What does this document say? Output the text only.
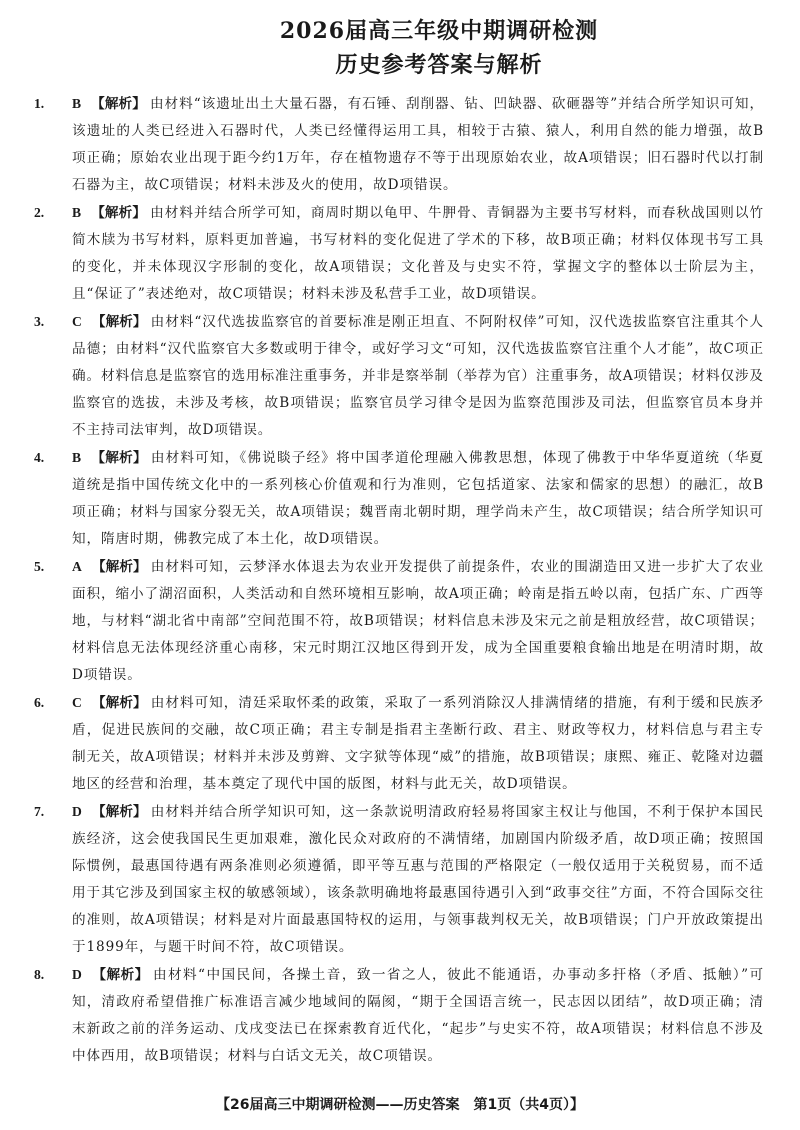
2026届高三年级中期调研检测
历史参考答案与解析
1.	B 【解析】 由材料“该遗址出土大量石器，有石锤、刮削器、钻、凹缺器、砍砸器等”并结合所学知识可知，该遗址的人类已经进入石器时代，人类已经懂得运用工具，相较于古猿、猿人，利用自然的能力增强，故B项正确；原始农业出现于距今约1万年，存在植物遗存不等于出现原始农业，故A项错误；旧石器时代以打制石器为主，故C项错误；材料未涉及火的使用，故D项错误。
2.	B 【解析】 由材料并结合所学可知，商周时期以龟甲、牛胛骨、青铜器为主要书写材料，而春秋战国则以竹简木牍为书写材料，原料更加普遍，书写材料的变化促进了学术的下移，故B项正确；材料仅体现书写工具的变化，并未体现汉字形制的变化，故A项错误；文化普及与史实不符，掌握文字的整体以士阶层为主，且“保证了”表述绝对，故C项错误；材料未涉及私营手工业，故D项错误。
3.	C 【解析】 由材料“汉代选拔监察官的首要标准是刚正坦直、不阿附权倖”可知，汉代选拔监察官注重其个人品德；由材料“汉代监察官大多数或明于律令，或好学习文“可知，汉代选拔监察官注重个人才能”，故C项正确。材料信息是监察官的选用标准注重事务，并非是察举制（举荐为官）注重事务，故A项错误；材料仅涉及监察官的选拔，未涉及考核，故B项错误；监察官员学习律令是因为监察范围涉及司法，但监察官员本身并不主持司法审判，故D项错误。
4.	B 【解析】 由材料可知，《佛说睒子经》将中国孝道伦理融入佛教思想，体现了佛教于中华华夏道统（华夏道统是指中国传统文化中的一系列核心价值观和行为准则，它包括道家、法家和儒家的思想）的融汇，故B项正确；材料与国家分裂无关，故A项错误；魏晋南北朝时期，理学尚未产生，故C项错误；结合所学知识可知，隋唐时期，佛教完成了本土化，故D项错误。
5.	A 【解析】 由材料可知，云梦泽水体退去为农业开发提供了前提条件，农业的围湖造田又进一步扩大了农业面积，缩小了湖沼面积，人类活动和自然环境相互影响，故A项正确；岭南是指五岭以南，包括广东、广西等地，与材料“湖北省中南部”空间范围不符，故B项错误；材料信息未涉及宋元之前是粗放经营，故C项错误；材料信息无法体现经济重心南移，宋元时期江汉地区得到开发，成为全国重要粮食输出地是在明清时期，故D项错误。
6.	C 【解析】 由材料可知，清廷采取怀柔的政策，采取了一系列消除汉人排满情绪的措施，有利于缓和民族矛盾，促进民族间的交融，故C项正确；君主专制是指君主垄断行政、君主、财政等权力，材料信息与君主专制无关，故A项错误；材料并未涉及剪辫、文字狱等体现“威”的措施，故B项错误；康熙、雍正、乾隆对边疆地区的经营和治理，基本奠定了现代中国的版图，材料与此无关，故D项错误。
7.	D 【解析】 由材料并结合所学知识可知，这一条款说明清政府轻易将国家主权让与他国，不利于保护本国民族经济，这会使我国民生更加艰难，激化民众对政府的不满情绪，加剧国内阶级矛盾，故D项正确；按照国际惯例，最惠国待遇有两条准则必须遵循，即平等互惠与范围的严格限定（一般仅适用于关税贸易，而不适用于其它涉及到国家主权的敏感领域），该条款明确地将最惠国待遇引入到“政事交往”方面，不符合国际交往的准则，故A项错误；材料是对片面最惠国特权的运用，与领事裁判权无关，故B项错误；门户开放政策提出于1899年，与题干时间不符，故C项错误。
8.	D 【解析】 由材料“中国民间，各操土音，致一省之人，彼此不能通语，办事动多扞格（矛盾、抵触）”可知，清政府希望借推广标准语言减少地域间的隔阂，“期于全国语言统一，民志因以团结”，故D项正确；清末新政之前的洋务运动、戊戌变法已在探索教育近代化，“起步”与史实不符，故A项错误；材料信息不涉及中体西用，故B项错误；材料与白话文无关，故C项错误。
【26届高三中期调研检测——历史答案　第1页（共4页）】
